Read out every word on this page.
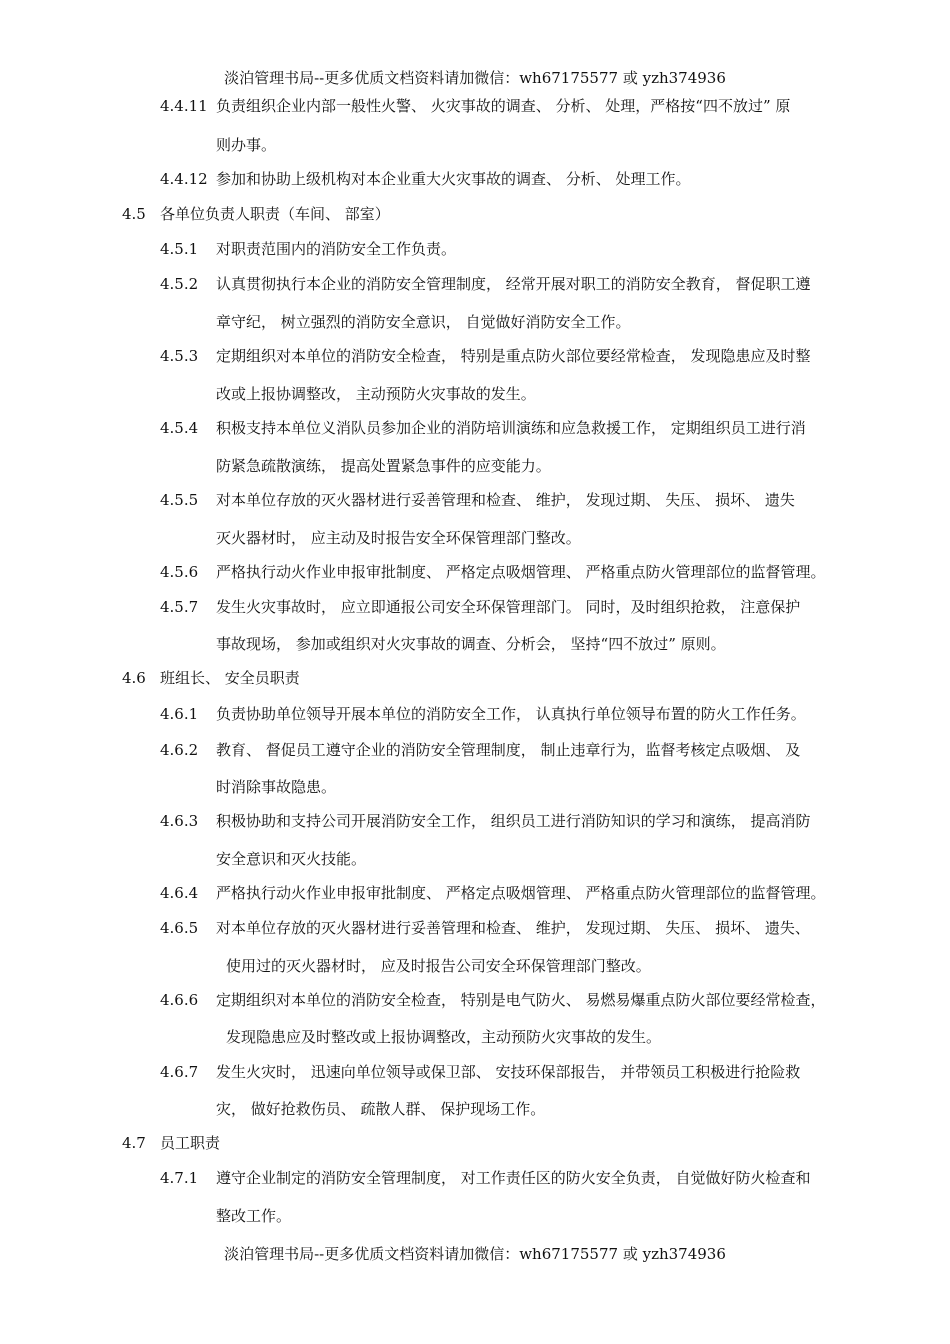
淡泊管理书局--更多优质文档资料请加微信：wh67175577 或 yzh374936
4.4.11 负责组织企业内部一般性火警、 火灾事故的调查、 分析、 处理，严格按“四不放过” 原
则办事。
4.4.12 参加和协助上级机构对本企业重大火灾事故的调查、 分析、 处理工作。
4.5 各单位负责人职责（车间、 部室）
4.5.1 对职责范围内的消防安全工作负责。
4.5.2 认真贯彻执行本企业的消防安全管理制度， 经常开展对职工的消防安全教育， 督促职工遵
章守纪， 树立强烈的消防安全意识， 自觉做好消防安全工作。
4.5.3 定期组织对本单位的消防安全检查， 特别是重点防火部位要经常检查， 发现隐患应及时整
改或上报协调整改， 主动预防火灾事故的发生。
4.5.4 积极支持本单位义消队员参加企业的消防培训演练和应急救援工作， 定期组织员工进行消
防紧急疏散演练， 提高处置紧急事件的应变能力。
4.5.5 对本单位存放的灭火器材进行妥善管理和检查、 维护， 发现过期、 失压、 损坏、 遗失
灭火器材时， 应主动及时报告安全环保管理部门整改。
4.5.6 严格执行动火作业申报审批制度、 严格定点吸烟管理、 严格重点防火管理部位的监督管理。
4.5.7 发生火灾事故时， 应立即通报公司安全环保管理部门。 同时，及时组织抢救， 注意保护
事故现场， 参加或组织对火灾事故的调查、分析会， 坚持“四不放过” 原则。
4.6 班组长、 安全员职责
4.6.1 负责协助单位领导开展本单位的消防安全工作， 认真执行单位领导布置的防火工作任务。
4.6.2 教育、 督促员工遵守企业的消防安全管理制度， 制止违章行为，监督考核定点吸烟、 及
时消除事故隐患。
4.6.3 积极协助和支持公司开展消防安全工作， 组织员工进行消防知识的学习和演练， 提高消防
安全意识和灭火技能。
4.6.4 严格执行动火作业申报审批制度、 严格定点吸烟管理、 严格重点防火管理部位的监督管理。
4.6.5 对本单位存放的灭火器材进行妥善管理和检查、 维护， 发现过期、 失压、 损坏、 遗失、
使用过的灭火器材时， 应及时报告公司安全环保管理部门整改。
4.6.6 定期组织对本单位的消防安全检查， 特别是电气防火、 易燃易爆重点防火部位要经常检查，
发现隐患应及时整改或上报协调整改，主动预防火灾事故的发生。
4.6.7 发生火灾时， 迅速向单位领导或保卫部、 安技环保部报告， 并带领员工积极进行抢险救
灾， 做好抢救伤员、 疏散人群、 保护现场工作。
4.7 员工职责
4.7.1 遵守企业制定的消防安全管理制度， 对工作责任区的防火安全负责， 自觉做好防火检查和
整改工作。
淡泊管理书局--更多优质文档资料请加微信：wh67175577 或 yzh374936
